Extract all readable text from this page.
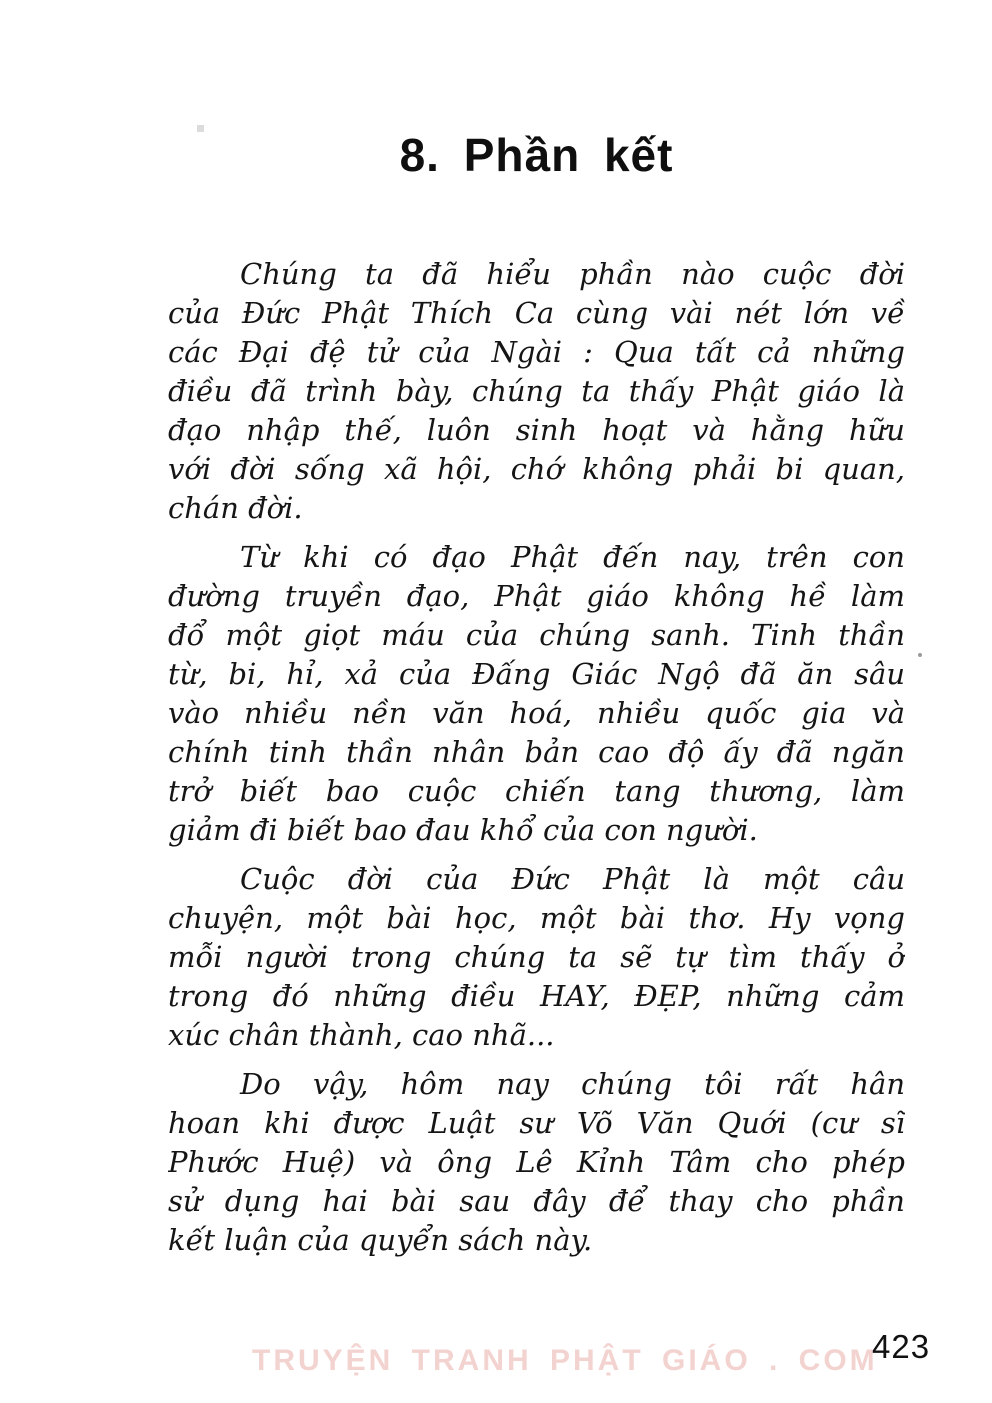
8. Phần kết
Chúng ta đã hiểu phần nào cuộc đời
của Đức Phật Thích Ca cùng vài nét lớn về
các Đại đệ tử của Ngài : Qua tất cả những
điều đã trình bày, chúng ta thấy Phật giáo là
đạo nhập thế, luôn sinh hoạt và hằng hữu
với đời sống xã hội, chớ không phải bi quan,
chán đời.
Từ khi có đạo Phật đến nay, trên con
đường truyền đạo, Phật giáo không hề làm
đổ một giọt máu của chúng sanh. Tinh thần
từ, bi, hỉ, xả của Đấng Giác Ngộ đã ăn sâu
vào nhiều nền văn hoá, nhiều quốc gia và
chính tinh thần nhân bản cao độ ấy đã ngăn
trở biết bao cuộc chiến tang thương, làm
giảm đi biết bao đau khổ của con người.
Cuộc đời của Đức Phật là một câu
chuyện, một bài học, một bài thơ. Hy vọng
mỗi người trong chúng ta sẽ tự tìm thấy ở
trong đó những điều HAY, ĐẸP, những cảm
xúc chân thành, cao nhã...
Do vậy, hôm nay chúng tôi rất hân
hoan khi được Luật sư Võ Văn Quới (cư sĩ
Phước Huệ) và ông Lê Kỉnh Tâm cho phép
sử dụng hai bài sau đây để thay cho phần
kết luận của quyển sách này.
TRUYỆN TRANH PHẬT GIÁO . COM
423
